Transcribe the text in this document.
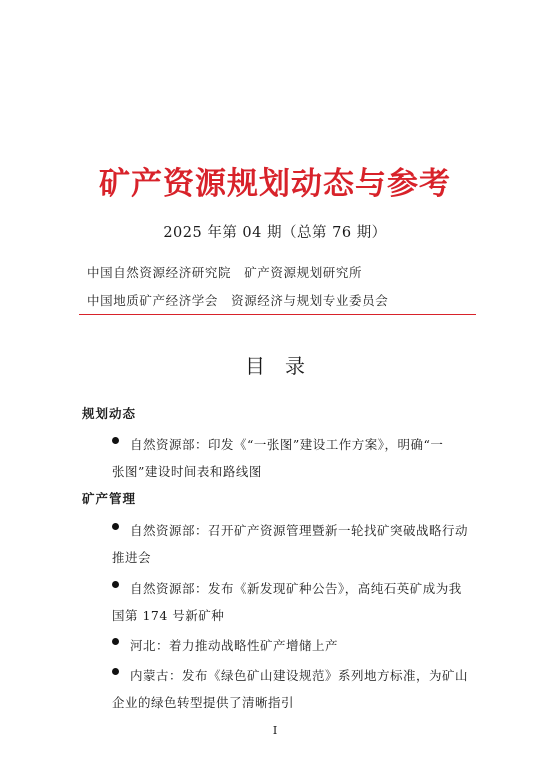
矿产资源规划动态与参考
2025 年第 04 期（总第 76 期）
中国自然资源经济研究院　矿产资源规划研究所
中国地质矿产经济学会　资源经济与规划专业委员会
目录
规划动态
自然资源部：印发《“一张图”建设工作方案》，明确“一
张图”建设时间表和路线图
矿产管理
自然资源部：召开矿产资源管理暨新一轮找矿突破战略行动
推进会
自然资源部：发布《新发现矿种公告》，高纯石英矿成为我
国第 174 号新矿种
河北：着力推动战略性矿产增储上产
内蒙古：发布《绿色矿山建设规范》系列地方标准，为矿山
企业的绿色转型提供了清晰指引
I
